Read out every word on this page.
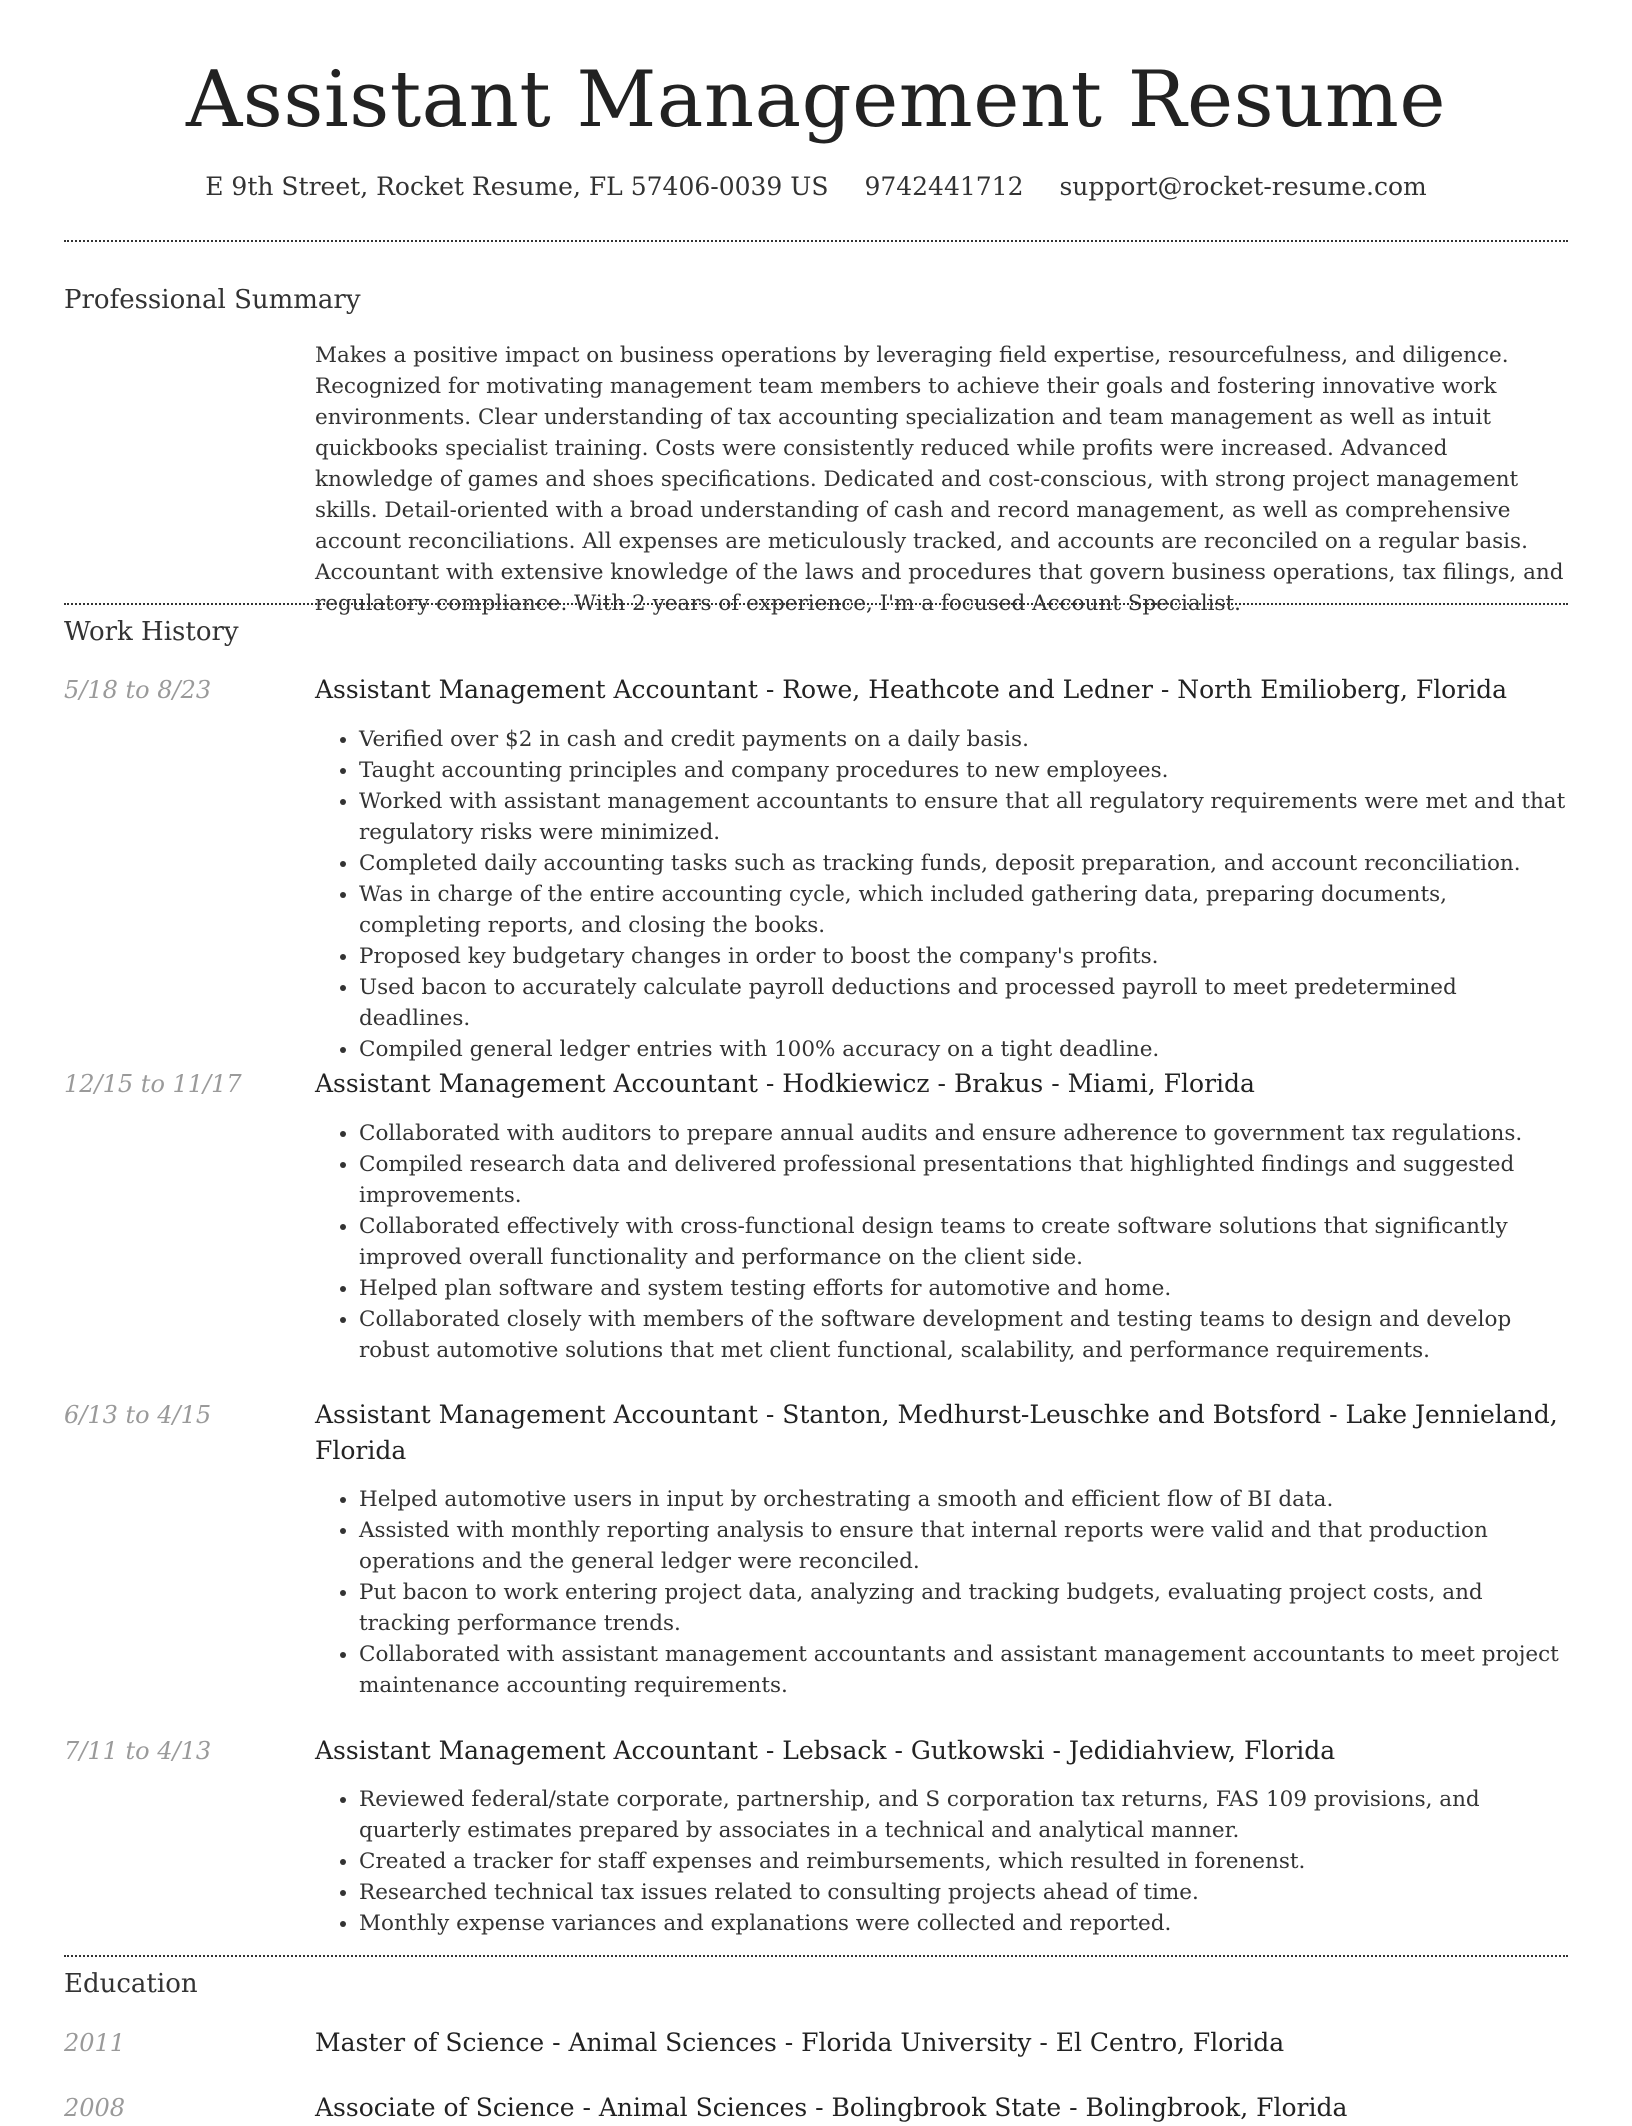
Assistant Management Resume
E 9th Street, Rocket Resume, FL 57406-0039 US 9742441712 support@rocket-resume.com
Professional Summary
Makes a positive impact on business operations by leveraging field expertise, resourcefulness, and diligence. Recognized for motivating management team members to achieve their goals and fostering innovative work environments. Clear understanding of tax accounting specialization and team management as well as intuit quickbooks specialist training. Costs were consistently reduced while profits were increased. Advanced knowledge of games and shoes specifications. Dedicated and cost-conscious, with strong project management skills. Detail-oriented with a broad understanding of cash and record management, as well as comprehensive account reconciliations. All expenses are meticulously tracked, and accounts are reconciled on a regular basis. Accountant with extensive knowledge of the laws and procedures that govern business operations, tax filings, and regulatory compliance. With 2 years of experience, I'm a focused Account Specialist.
Work History
5/18 to 8/23	Assistant Management Accountant - Rowe, Heathcote and Ledner - North Emilioberg, Florida
• Verified over $2 in cash and credit payments on a daily basis.
• Taught accounting principles and company procedures to new employees.
• Worked with assistant management accountants to ensure that all regulatory requirements were met and that regulatory risks were minimized.
• Completed daily accounting tasks such as tracking funds, deposit preparation, and account reconciliation.
• Was in charge of the entire accounting cycle, which included gathering data, preparing documents, completing reports, and closing the books.
• Proposed key budgetary changes in order to boost the company's profits.
• Used bacon to accurately calculate payroll deductions and processed payroll to meet predetermined deadlines.
• Compiled general ledger entries with 100% accuracy on a tight deadline.
12/15 to 11/17	Assistant Management Accountant - Hodkiewicz - Brakus - Miami, Florida
• Collaborated with auditors to prepare annual audits and ensure adherence to government tax regulations.
• Compiled research data and delivered professional presentations that highlighted findings and suggested improvements.
• Collaborated effectively with cross-functional design teams to create software solutions that significantly improved overall functionality and performance on the client side.
• Helped plan software and system testing efforts for automotive and home.
• Collaborated closely with members of the software development and testing teams to design and develop robust automotive solutions that met client functional, scalability, and performance requirements.
6/13 to 4/15	Assistant Management Accountant - Stanton, Medhurst-Leuschke and Botsford - Lake Jennieland, Florida
• Helped automotive users in input by orchestrating a smooth and efficient flow of BI data.
• Assisted with monthly reporting analysis to ensure that internal reports were valid and that production operations and the general ledger were reconciled.
• Put bacon to work entering project data, analyzing and tracking budgets, evaluating project costs, and tracking performance trends.
• Collaborated with assistant management accountants and assistant management accountants to meet project maintenance accounting requirements.
7/11 to 4/13	Assistant Management Accountant - Lebsack - Gutkowski - Jedidiahview, Florida
• Reviewed federal/state corporate, partnership, and S corporation tax returns, FAS 109 provisions, and quarterly estimates prepared by associates in a technical and analytical manner.
• Created a tracker for staff expenses and reimbursements, which resulted in forenenst.
• Researched technical tax issues related to consulting projects ahead of time.
• Monthly expense variances and explanations were collected and reported.
Education
2011	Master of Science - Animal Sciences - Florida University - El Centro, Florida
2008	Associate of Science - Animal Sciences - Bolingbrook State - Bolingbrook, Florida
